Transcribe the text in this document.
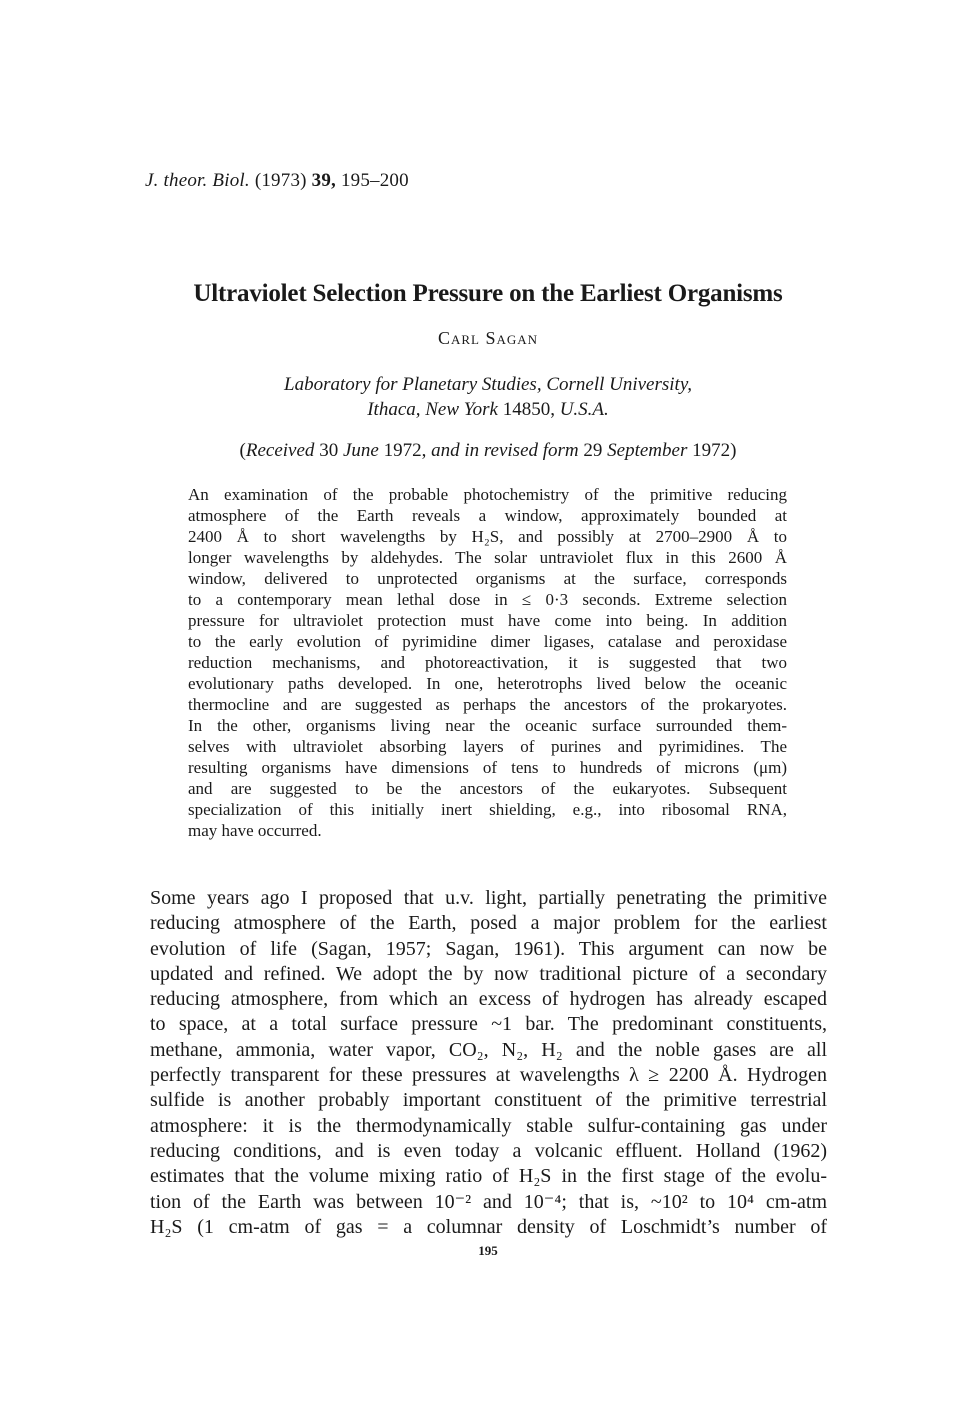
J. theor. Biol. (1973) 39, 195–200
Ultraviolet Selection Pressure on the Earliest Organisms
Carl Sagan
Laboratory for Planetary Studies, Cornell University,
Ithaca, New York 14850, U.S.A.
(Received 30 June 1972, and in revised form 29 September 1972)
An examination of the probable photochemistry of the primitive reducing
atmosphere of the Earth reveals a window, approximately bounded at
2400 Å to short wavelengths by H₂S, and possibly at 2700–2900 Å to
longer wavelengths by aldehydes. The solar untraviolet flux in this 2600 Å
window, delivered to unprotected organisms at the surface, corresponds
to a contemporary mean lethal dose in ≤ 0·3 seconds. Extreme selection
pressure for ultraviolet protection must have come into being. In addition
to the early evolution of pyrimidine dimer ligases, catalase and peroxidase
reduction mechanisms, and photoreactivation, it is suggested that two
evolutionary paths developed. In one, heterotrophs lived below the oceanic
thermocline and are suggested as perhaps the ancestors of the prokaryotes.
In the other, organisms living near the oceanic surface surrounded them-
selves with ultraviolet absorbing layers of purines and pyrimidines. The
resulting organisms have dimensions of tens to hundreds of microns (μm)
and are suggested to be the ancestors of the eukaryotes. Subsequent
specialization of this initially inert shielding, e.g., into ribosomal RNA,
may have occurred.
Some years ago I proposed that u.v. light, partially penetrating the primitive
reducing atmosphere of the Earth, posed a major problem for the earliest
evolution of life (Sagan, 1957; Sagan, 1961). This argument can now be
updated and refined. We adopt the by now traditional picture of a secondary
reducing atmosphere, from which an excess of hydrogen has already escaped
to space, at a total surface pressure ~1 bar. The predominant constituents,
methane, ammonia, water vapor, CO₂, N₂, H₂ and the noble gases are all
perfectly transparent for these pressures at wavelengths λ ≥ 2200 Å. Hydrogen
sulfide is another probably important constituent of the primitive terrestrial
atmosphere: it is the thermodynamically stable sulfur-containing gas under
reducing conditions, and is even today a volcanic effluent. Holland (1962)
estimates that the volume mixing ratio of H₂S in the first stage of the evolu-
tion of the Earth was between 10⁻² and 10⁻⁴; that is, ~10² to 10⁴ cm-atm
H₂S (1 cm-atm of gas = a columnar density of Loschmidt’s number of
195
